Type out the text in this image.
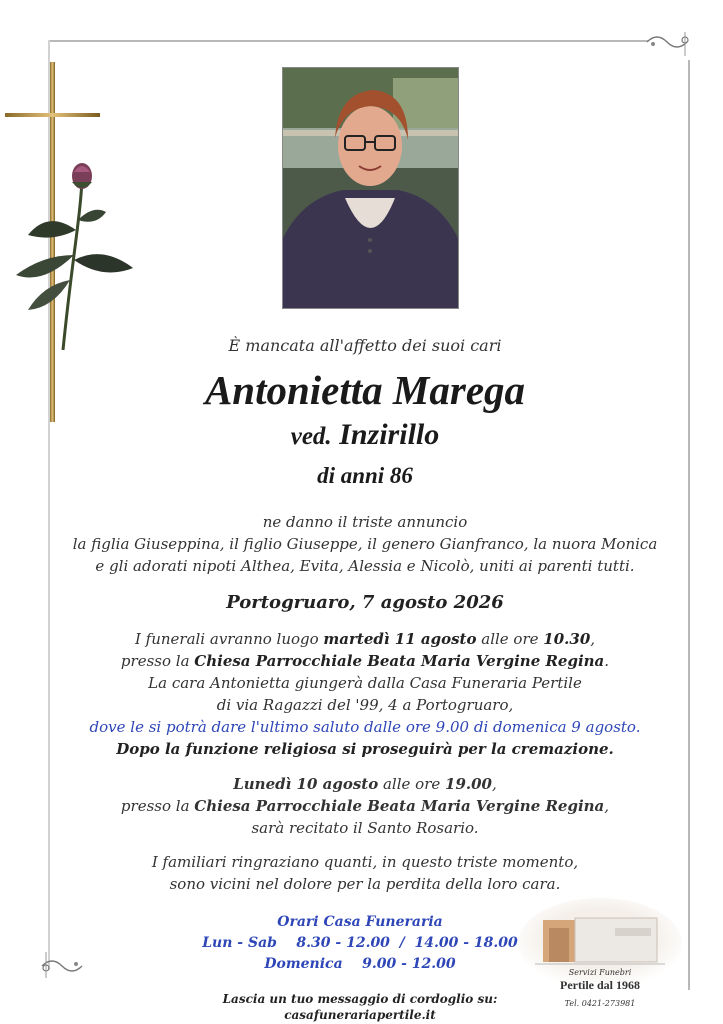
È mancata all'affetto dei suoi cari
Antonietta Marega
ved. Inzirillo
di anni 86
ne danno il triste annuncio
la figlia Giuseppina, il figlio Giuseppe, il genero Gianfranco, la nuora Monica
e gli adorati nipoti Althea, Evita, Alessia e Nicolò, uniti ai parenti tutti.
Portogruaro, 7 agosto 2026
I funerali avranno luogo martedì 11 agosto alle ore 10.30,
presso la Chiesa Parrocchiale Beata Maria Vergine Regina.
La cara Antonietta giungerà dalla Casa Funeraria Pertile
di via Ragazzi del '99, 4 a Portogruaro,
dove le si potrà dare l'ultimo saluto dalle ore 9.00 di domenica 9 agosto.
Dopo la funzione religiosa si proseguirà per la cremazione.
Lunedì 10 agosto alle ore 19.00,
presso la Chiesa Parrocchiale Beata Maria Vergine Regina,
sarà recitato il Santo Rosario.
I familiari ringraziano quanti, in questo triste momento,
sono vicini nel dolore per la perdita della loro cara.
Orari Casa Funeraria
Lun - Sab    8.30 - 12.00  /  14.00 - 18.00
Domenica    9.00 - 12.00
Lascia un tuo messaggio di cordoglio su:
casafunerariapertile.it
Servizi Funebri
Pertile dal 1968
Tel. 0421-273981
